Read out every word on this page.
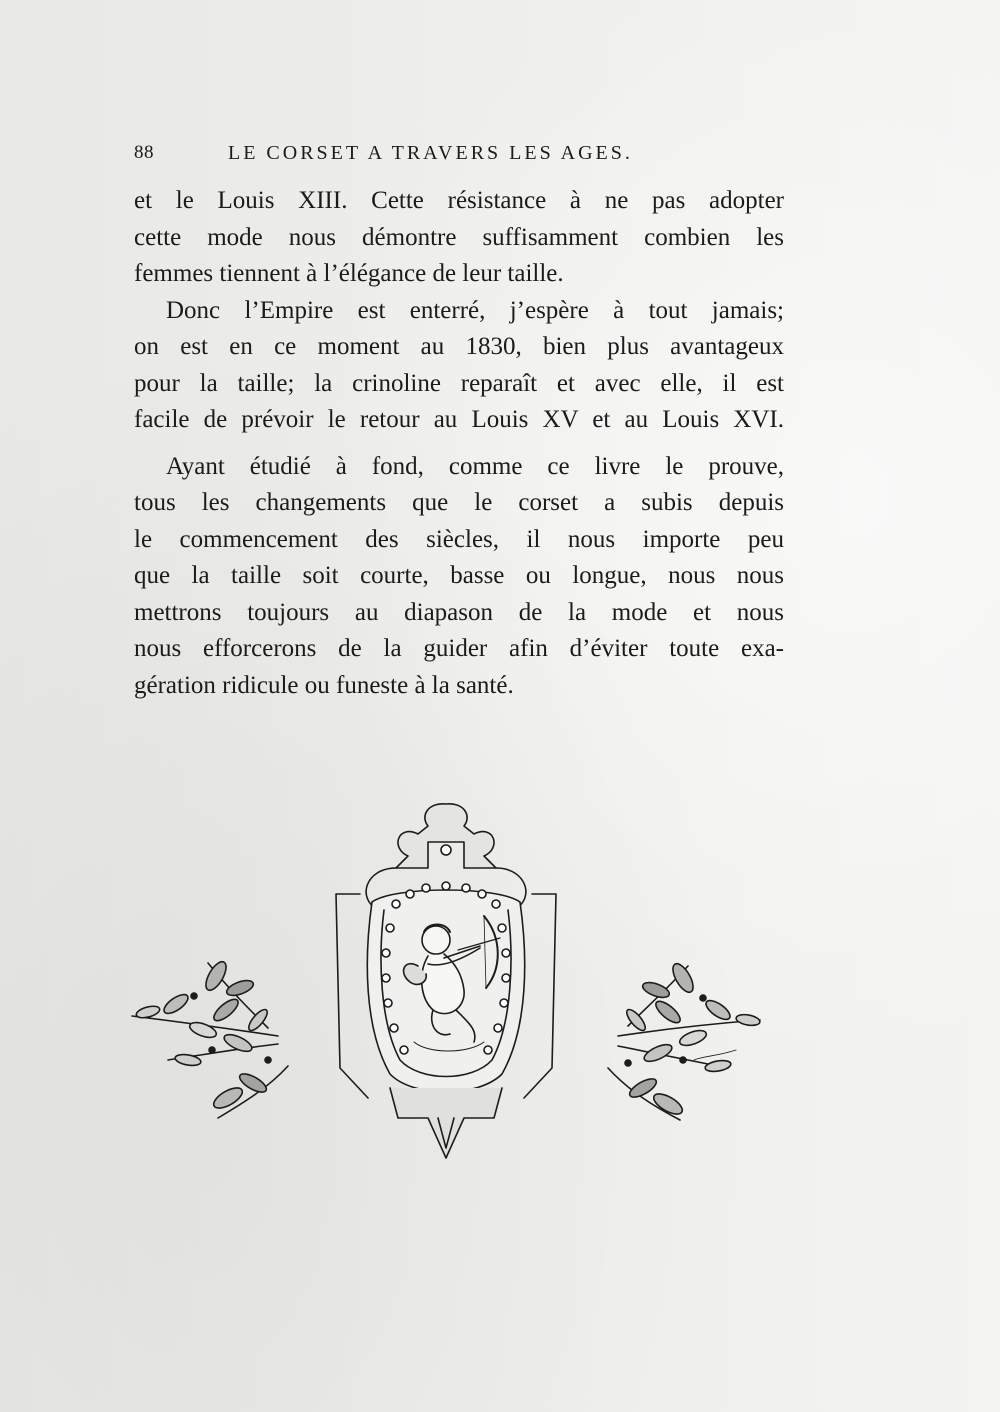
88	LE CORSET A TRAVERS LES AGES.

et le Louis XIII. Cette résistance à ne pas adopter
cette mode nous démontre suffisamment combien les
femmes tiennent à l’élégance de leur taille.

Donc l’Empire est enterré, j’espère à tout jamais;
on est en ce moment au 1830, bien plus avantageux
pour la taille; la crinoline reparaît et avec elle, il est
facile de prévoir le retour au Louis XV et au Louis XVI.

Ayant étudié à fond, comme ce livre le prouve,
tous les changements que le corset a subis depuis
le commencement des siècles, il nous importe peu
que la taille soit courte, basse ou longue, nous nous
mettrons toujours au diapason de la mode et nous
nous efforcerons de la guider afin d’éviter toute exa-
gération ridicule ou funeste à la santé.
